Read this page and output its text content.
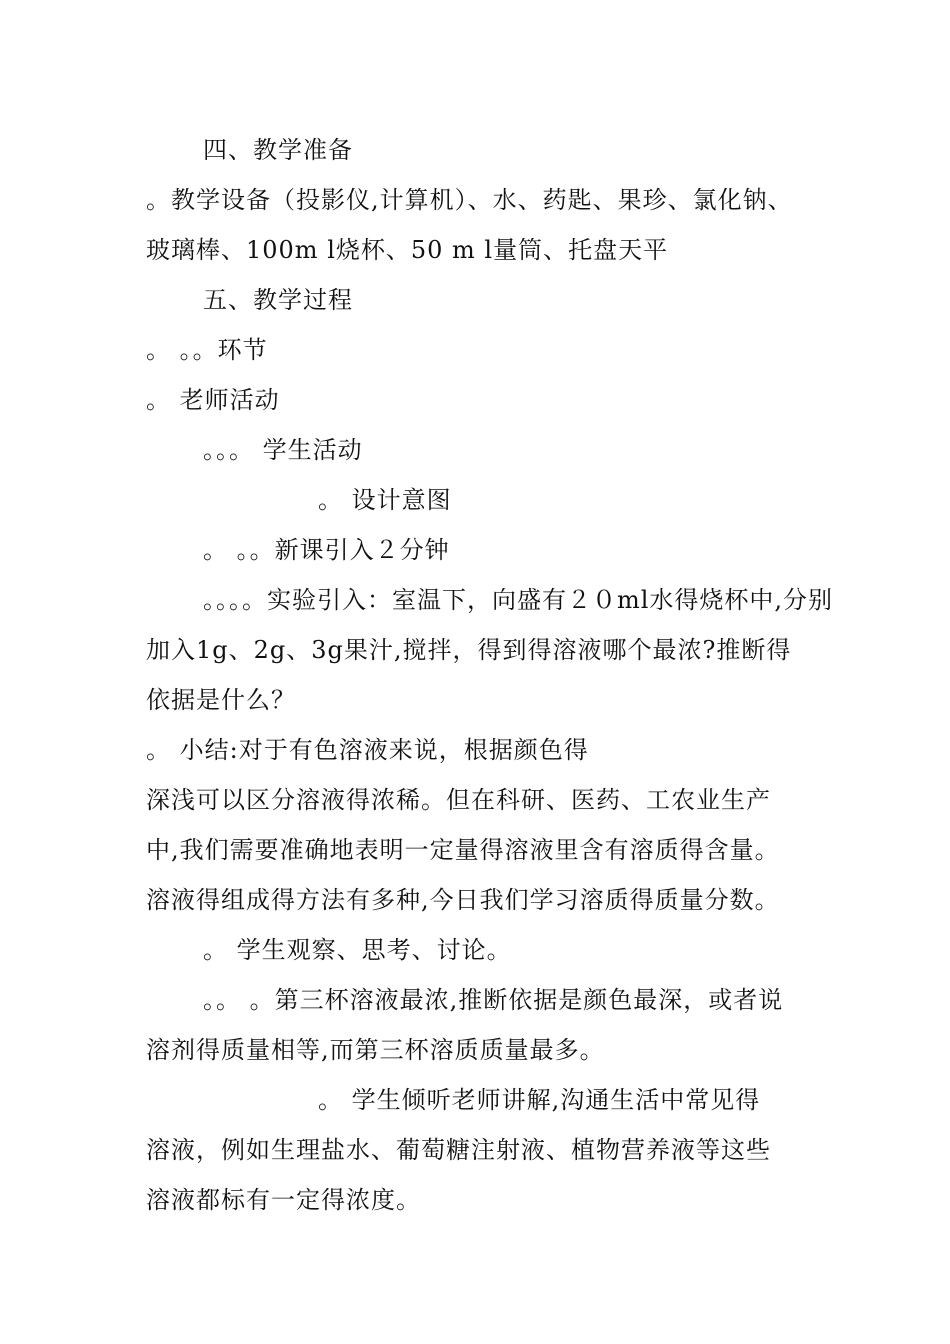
四、教学准备

。教学设备（投影仪,计算机）、水、药匙、果珍、氯化钠、

玻璃棒、100m l烧杯、50 m l量筒、托盘天平

五、教学过程

。 。。环节

。 老师活动

。。。 学生活动

。 设计意图

。 。。新课引入２分钟

。。。。实验引入：室温下，向盛有２０ml水得烧杯中,分别

加入1g、2g、3g果汁,搅拌，得到得溶液哪个最浓?推断得

依据是什么？

。 小结:对于有色溶液来说，根据颜色得

深浅可以区分溶液得浓稀。但在科研、医药、工农业生产

中,我们需要准确地表明一定量得溶液里含有溶质得含量。

溶液得组成得方法有多种,今日我们学习溶质得质量分数。

。 学生观察、思考、讨论。

。。 。第三杯溶液最浓,推断依据是颜色最深，或者说

溶剂得质量相等,而第三杯溶质质量最多。

。 学生倾听老师讲解,沟通生活中常见得

溶液，例如生理盐水、葡萄糖注射液、植物营养液等这些

溶液都标有一定得浓度。
